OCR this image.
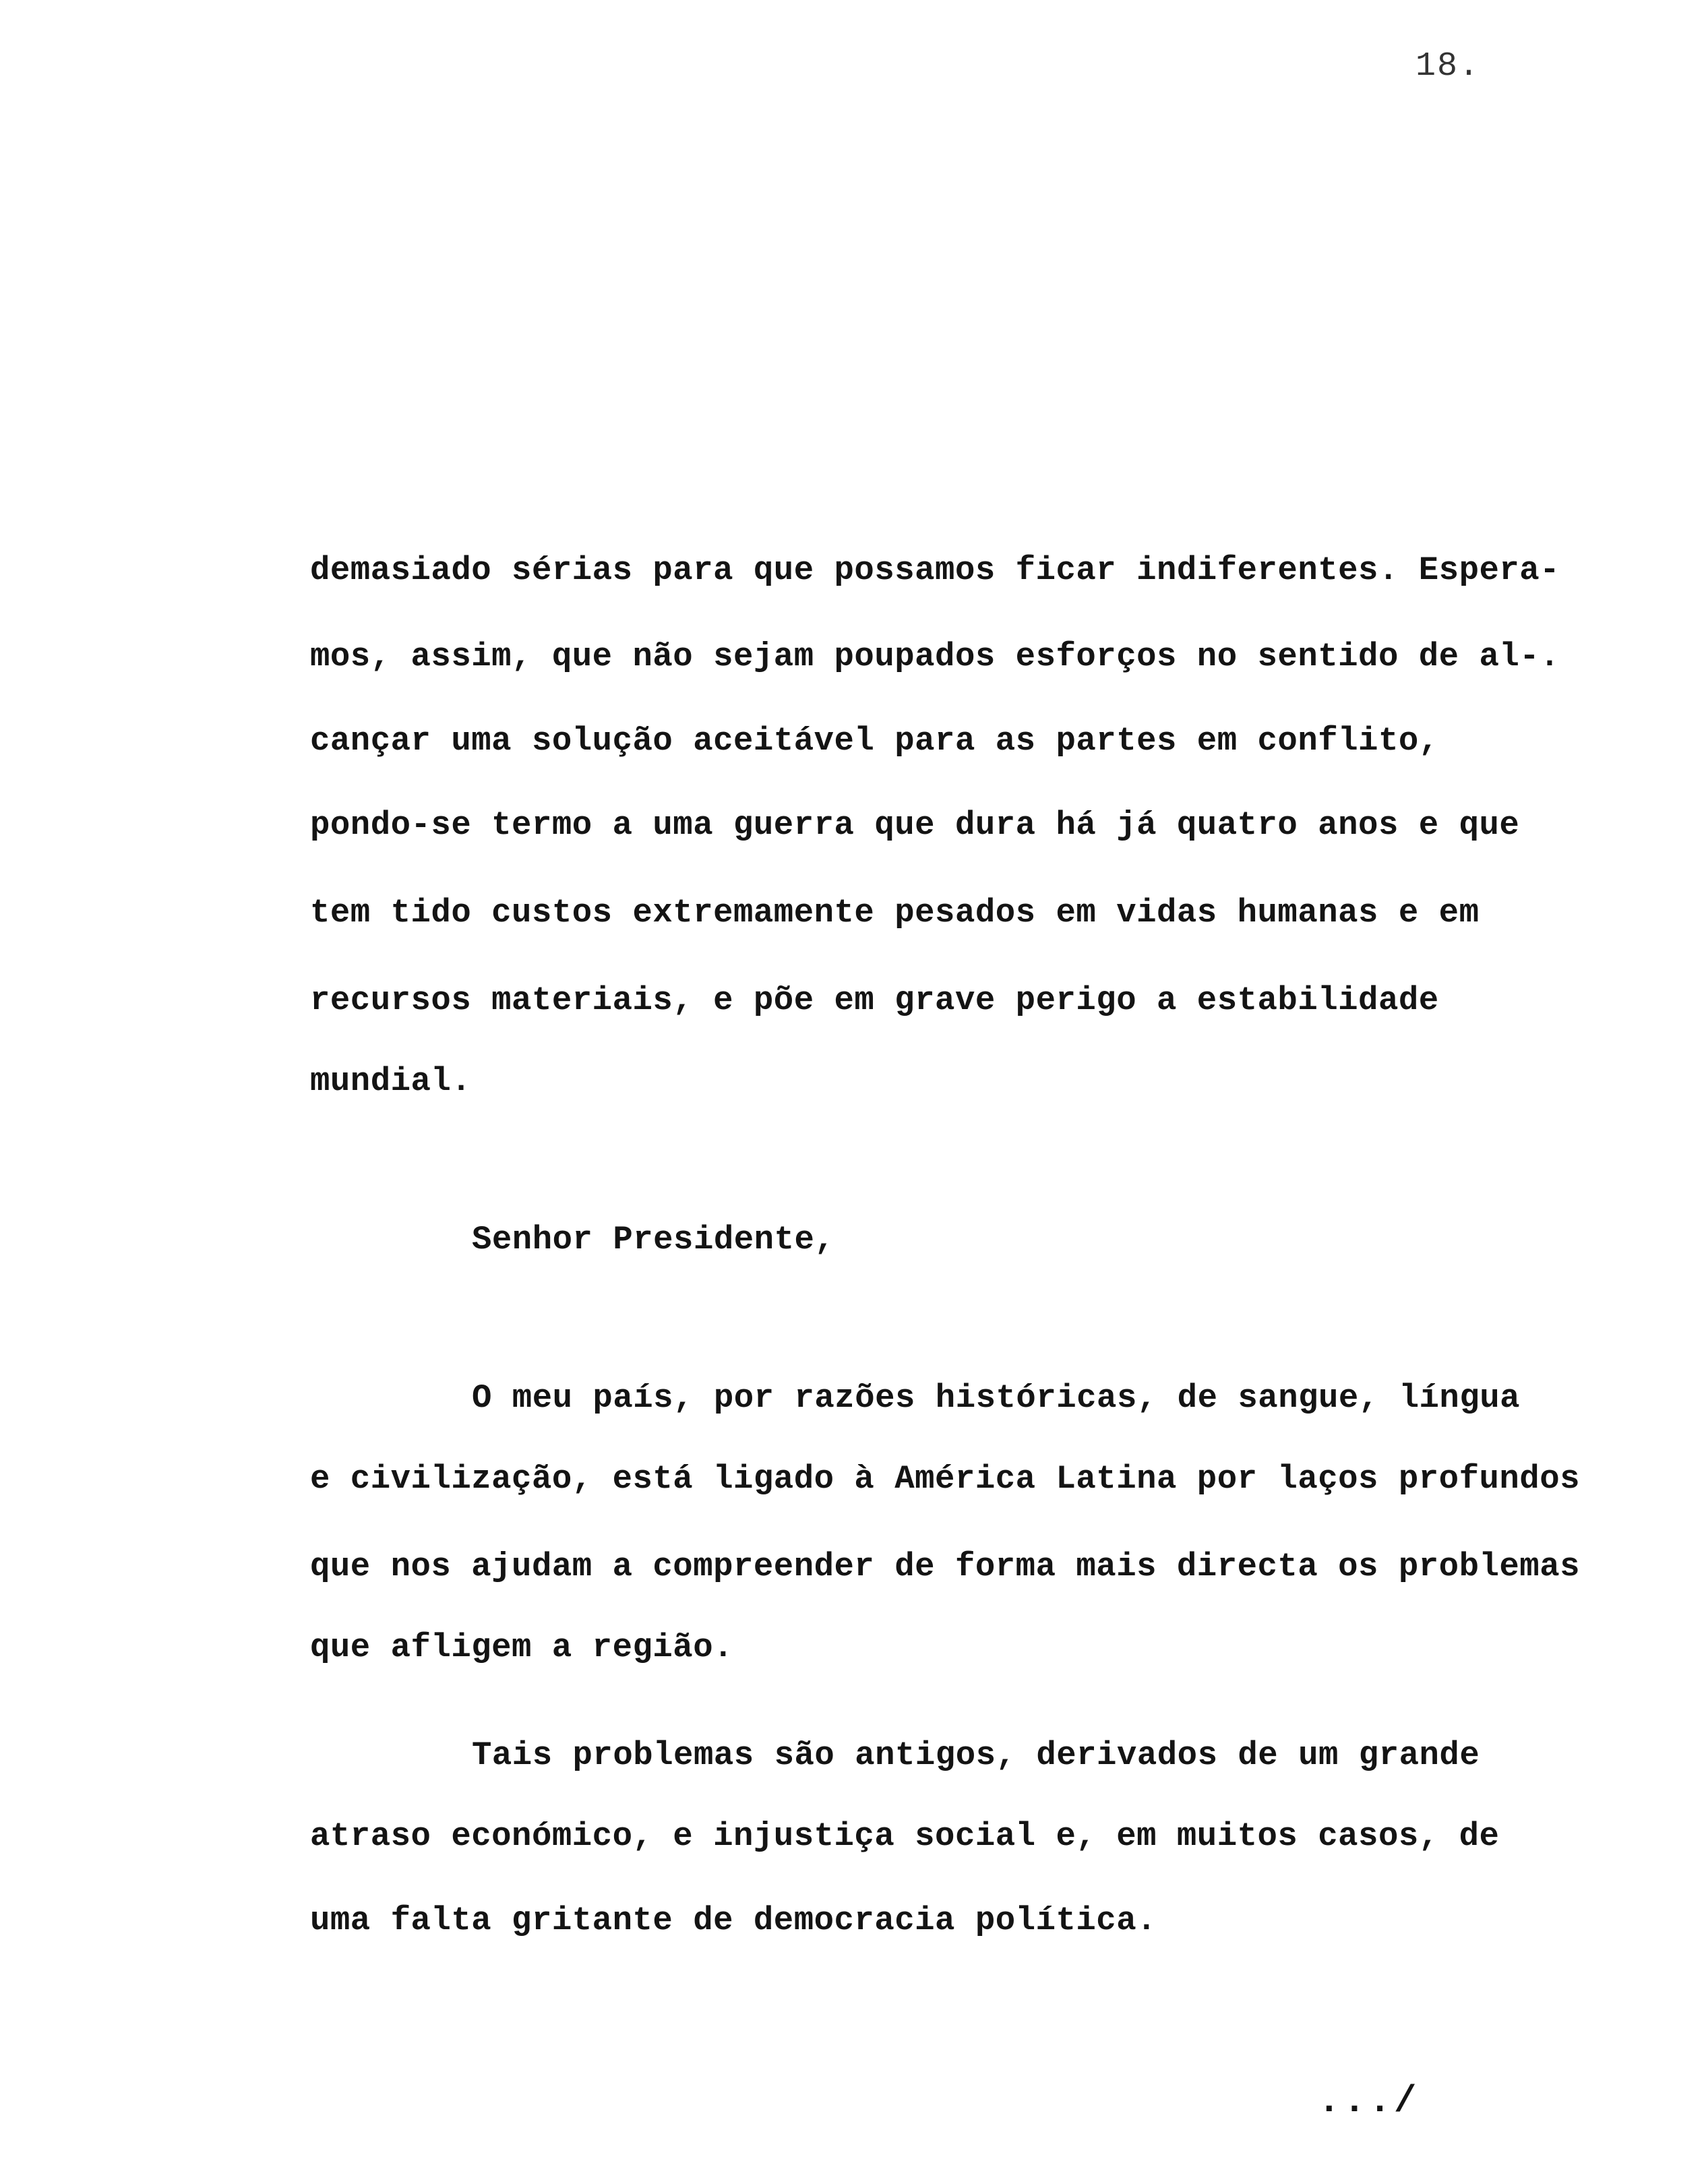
18.
demasiado sérias para que possamos ficar indiferentes. Espera-
mos, assim, que não sejam poupados esforços no sentido de al-.
cançar uma solução aceitável para as partes em conflito,
pondo-se termo a uma guerra que dura há já quatro anos e que
tem tido custos extremamente pesados em vidas humanas e em
recursos materiais, e põe em grave perigo a estabilidade
mundial.
Senhor Presidente,
O meu país, por razões históricas, de sangue, língua
e civilização, está ligado à América Latina por laços profundos
que nos ajudam a compreender de forma mais directa os problemas
que afligem a região.
Tais problemas são antigos, derivados de um grande
atraso económico, e injustiça social e, em muitos casos, de
uma falta gritante de democracia política.
.../
